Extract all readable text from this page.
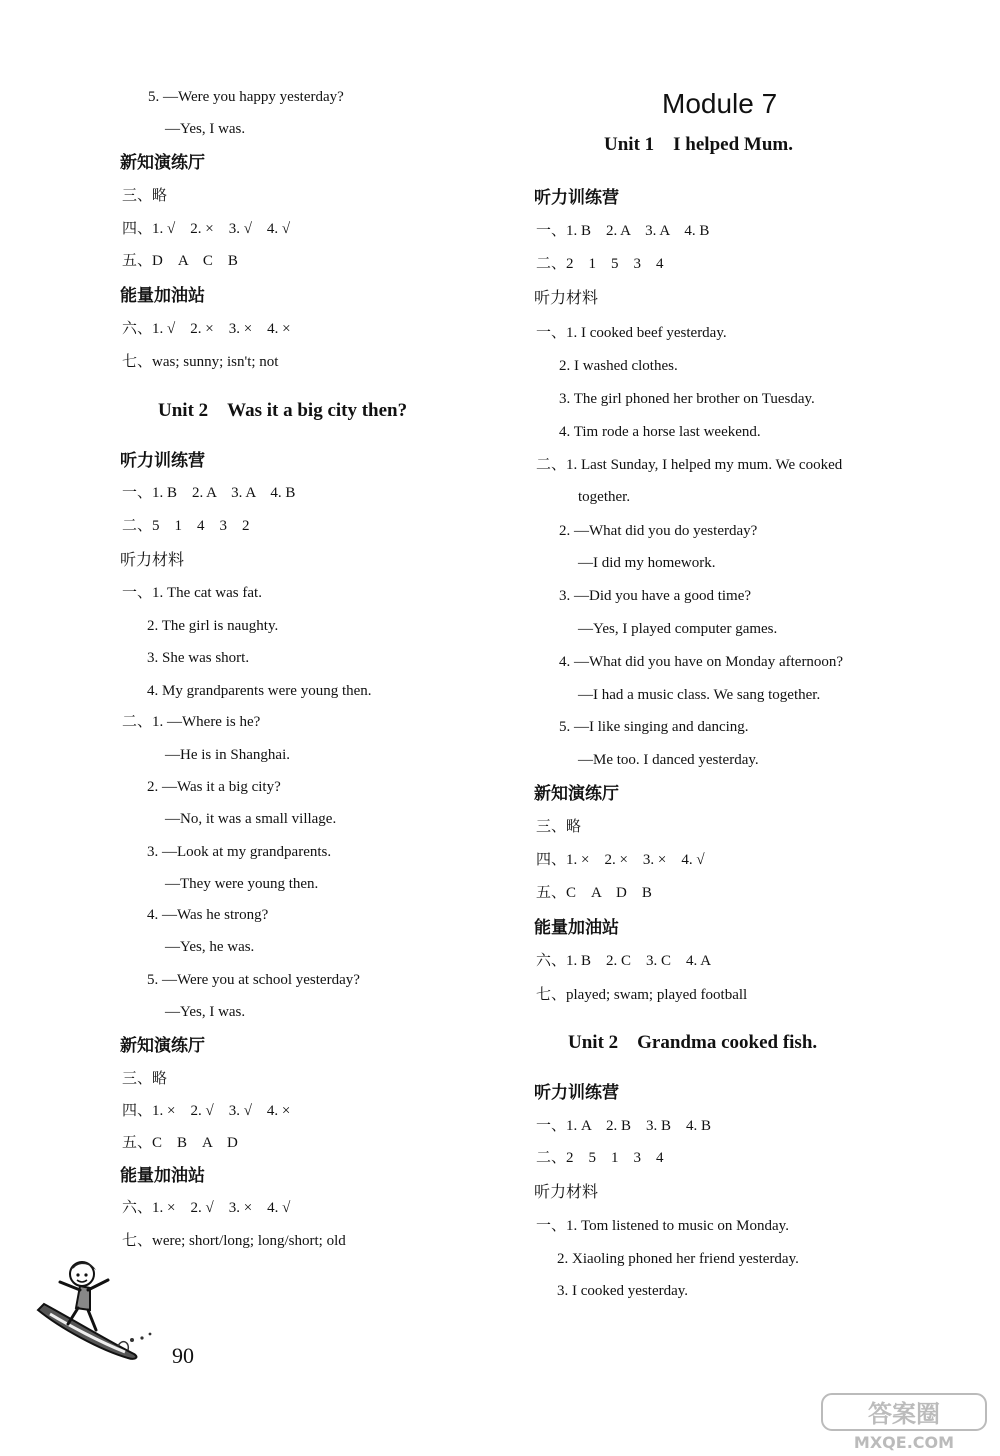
5. —Were you happy yesterday?
—Yes, I was.
新知演练厅
三、略
四、1. √　2. ×　3. √　4. √
五、D　A　C　B
能量加油站
六、1. √　2. ×　3. ×　4. ×
七、was; sunny; isn't; not
Unit 2　Was it a big city then?
听力训练营
一、1. B　2. A　3. A　4. B
二、5　1　4　3　2
听力材料
一、1. The cat was fat.
2. The girl is naughty.
3. She was short.
4. My grandparents were young then.
二、1. —Where is he?
—He is in Shanghai.
2. —Was it a big city?
—No, it was a small village.
3. —Look at my grandparents.
—They were young then.
4. —Was he strong?
—Yes, he was.
5. —Were you at school yesterday?
—Yes, I was.
新知演练厅
三、略
四、1. ×　2. √　3. √　4. ×
五、C　B　A　D
能量加油站
六、1. ×　2. √　3. ×　4. √
七、were; short/long; long/short; old
Module 7
Unit 1　I helped Mum.
听力训练营
一、1. B　2. A　3. A　4. B
二、2　1　5　3　4
听力材料
一、1. I cooked beef yesterday.
2. I washed clothes.
3. The girl phoned her brother on Tuesday.
4. Tim rode a horse last weekend.
二、1. Last Sunday, I helped my mum. We cooked
together.
2. —What did you do yesterday?
—I did my homework.
3. —Did you have a good time?
—Yes, I played computer games.
4. —What did you have on Monday afternoon?
—I had a music class. We sang together.
5. —I like singing and dancing.
—Me too. I danced yesterday.
新知演练厅
三、略
四、1. ×　2. ×　3. ×　4. √
五、C　A　D　B
能量加油站
六、1. B　2. C　3. C　4. A
七、played; swam; played football
Unit 2　Grandma cooked fish.
听力训练营
一、1. A　2. B　3. B　4. B
二、2　5　1　3　4
听力材料
一、1. Tom listened to music on Monday.
2. Xiaoling phoned her friend yesterday.
3. I cooked yesterday.
90
答案圈
MXQE.COM
